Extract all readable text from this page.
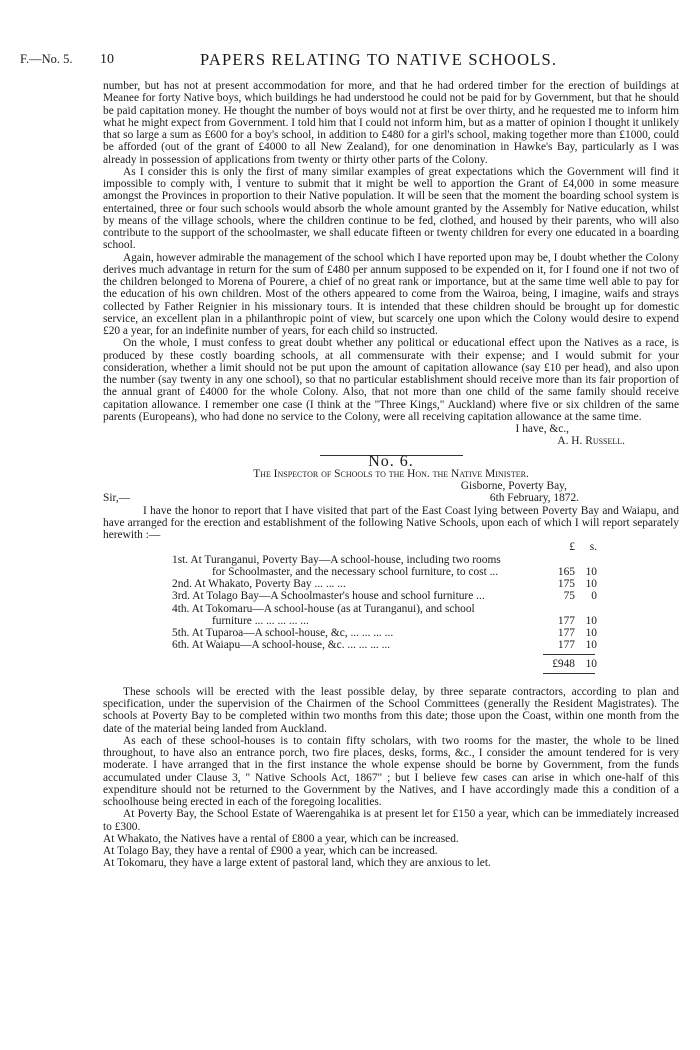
F.—No. 5. 10	PAPERS RELATING TO NATIVE SCHOOLS.

number, but has not at present accommodation for more, and that he had ordered timber for the erection of buildings at Meanee for forty Native boys, which buildings he had understood he could not be paid for by Government, but that he should be paid capitation money. He thought the number of boys would not at first be over thirty, and he requested me to inform him what he might expect from Government. I told him that I could not inform him, but as a matter of opinion I thought it unlikely that so large a sum as £600 for a boy's school, in addition to £480 for a girl's school, making together more than £1000, could be afforded (out of the grant of £4000 to all New Zealand), for one denomination in Hawke's Bay, particularly as I was already in possession of applications from twenty or thirty other parts of the Colony.

As I consider this is only the first of many similar examples of great expectations which the Government will find it impossible to comply with, I venture to submit that it might be well to apportion the Grant of £4,000 in some measure amongst the Provinces in proportion to their Native population. It will be seen that the moment the boarding school system is entertained, three or four such schools would absorb the whole amount granted by the Assembly for Native education, whilst by means of the village schools, where the children continue to be fed, clothed, and housed by their parents, who will also contribute to the support of the schoolmaster, we shall educate fifteen or twenty children for every one educated in a boarding school.

Again, however admirable the management of the school which I have reported upon may be, I doubt whether the Colony derives much advantage in return for the sum of £480 per annum supposed to be expended on it, for I found one if not two of the children belonged to Morena of Pourere, a chief of no great rank or importance, but at the same time well able to pay for the education of his own children. Most of the others appeared to come from the Wairoa, being, I imagine, waifs and strays collected by Father Reignier in his missionary tours. It is intended that these children should be brought up for domestic service, an excellent plan in a philanthropic point of view, but scarcely one upon which the Colony would desire to expend £20 a year, for an indefinite number of years, for each child so instructed.

On the whole, I must confess to great doubt whether any political or educational effect upon the Natives as a race, is produced by these costly boarding schools, at all commensurate with their expense; and I would submit for your consideration, whether a limit should not be put upon the amount of capitation allowance (say £10 per head), and also upon the number (say twenty in any one school), so that no particular establishment should receive more than its fair proportion of the annual grant of £4000 for the whole Colony. Also, that not more than one child of the same family should receive capitation allowance. I remember one case (I think at the "Three Kings," Auckland) where five or six children of the same parents (Europeans), who had done no service to the Colony, were all receiving capitation allowance at the same time.

I have, &c.,

A. H. Russell.

No. 6.

The Inspector of Schools to the Hon. the Native Minister.

Gisborne, Poverty Bay,
Sir,—	6th February, 1872.

I have the honor to report that I have visited that part of the East Coast lying between Poverty Bay and Waiapu, and have arranged for the erection and establishment of the following Native Schools, upon each of which I will report separately herewith :—

£	s.
1st. At Turanganui, Poverty Bay—A school-house, including two rooms
for Schoolmaster, and the necessary school furniture, to cost ...	165 10
2nd. At Whakato, Poverty Bay ... ... ...	175 10
3rd. At Tolago Bay—A Schoolmaster's house and school furniture ...	75	0
4th. At Tokomaru—A school-house (as at Turanganui), and school
furniture ... ... ... ... ...	177 10
5th. At Tuparoa—A school-house, &c, ... ... ... ...	177 10
6th. At Waiapu—A school-house, &c. ... ... ... ...	177 10
£948 10

These schools will be erected with the least possible delay, by three separate contractors, according to plan and specification, under the supervision of the Chairmen of the School Committees (generally the Resident Magistrates). The schools at Poverty Bay to be completed within two months from this date; those upon the Coast, within one month from the date of the material being landed from Auckland.

As each of these school-houses is to contain fifty scholars, with two rooms for the master, the whole to be lined throughout, to have also an entrance porch, two fire places, desks, forms, &c., I consider the amount tendered for is very moderate. I have arranged that in the first instance the whole expense should be borne by Government, from the funds accumulated under Clause 3, " Native Schools Act, 1867" ; but I believe few cases can arise in which one-half of this expenditure should not be returned to the Government by the Natives, and I have accordingly made this a condition of a schoolhouse being erected in each of the foregoing localities.

At Poverty Bay, the School Estate of Waerengahika is at present let for £150 a year, which can be immediately increased to £300.

At Whakato, the Natives have a rental of £800 a year, which can be increased.

At Tolago Bay, they have a rental of £900 a year, which can be increased.

At Tokomaru, they have a large extent of pastoral land, which they are anxious to let.
